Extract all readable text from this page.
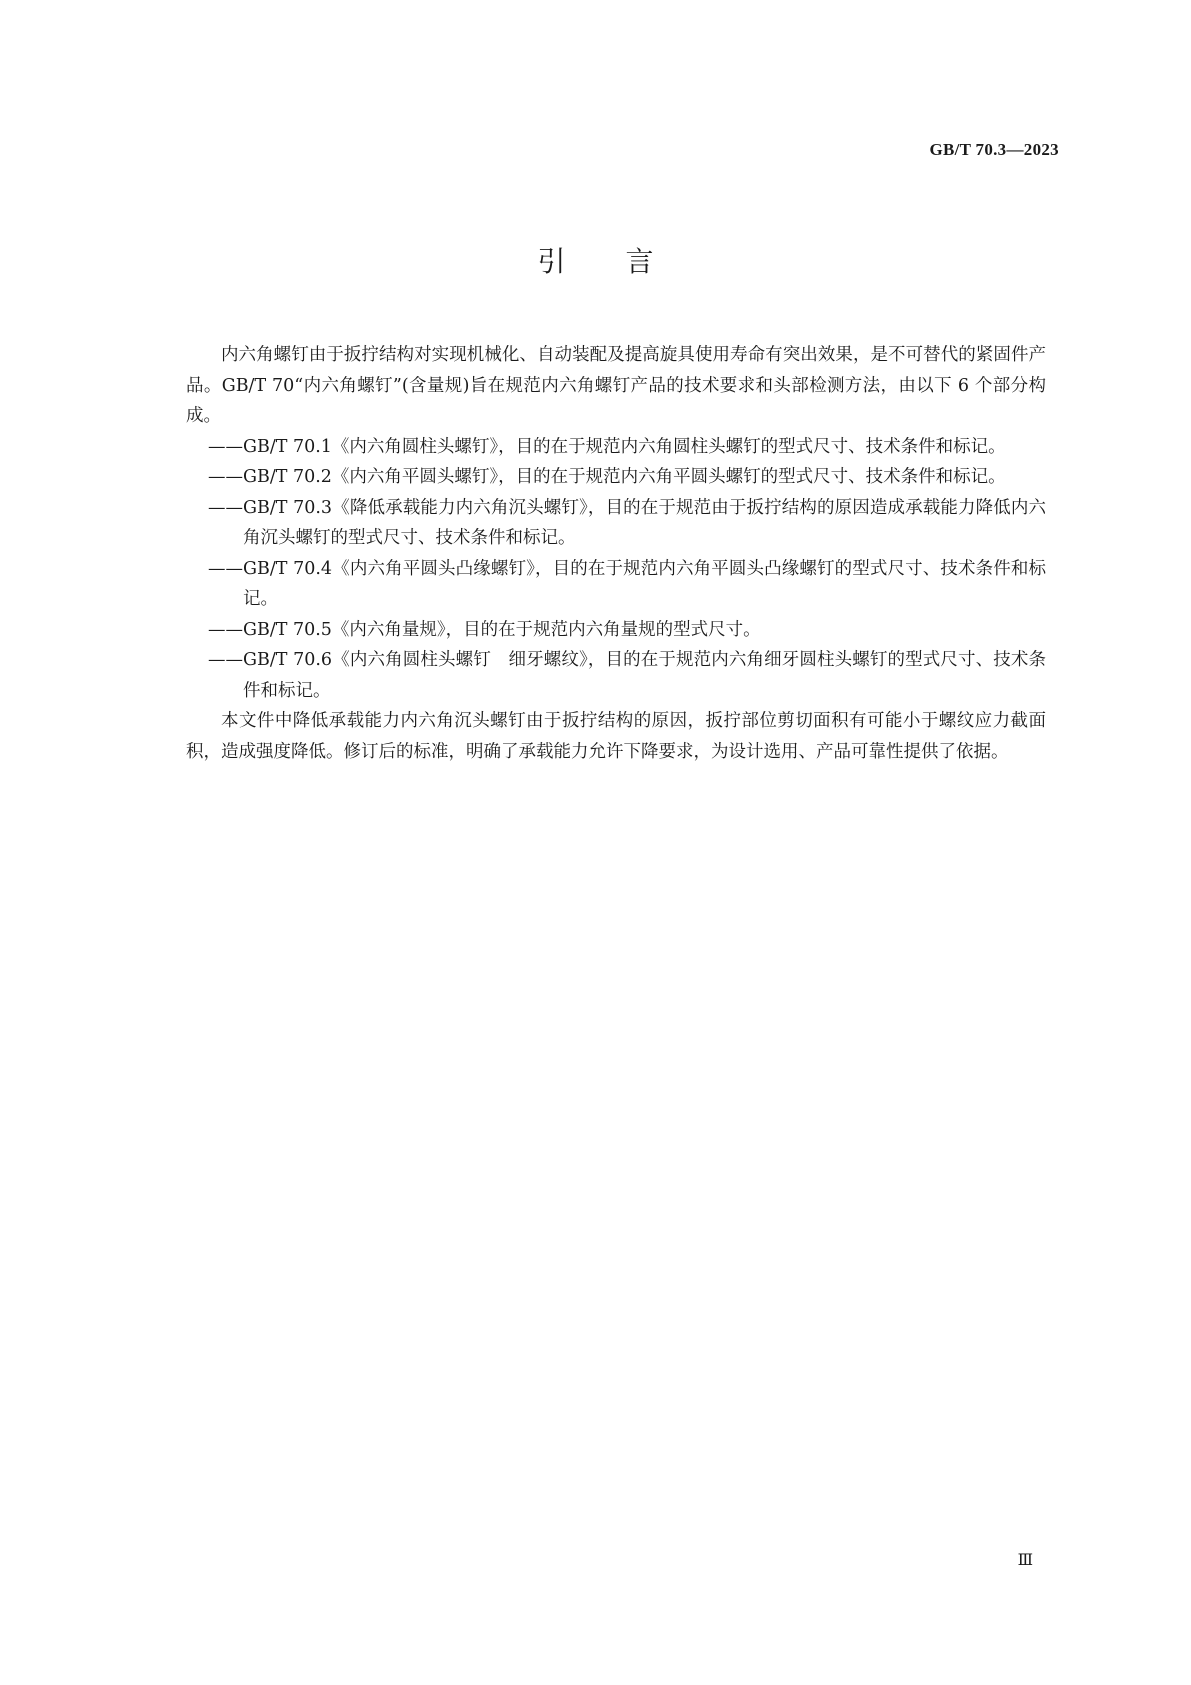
GB/T 70.3—2023
引言

内六角螺钉由于扳拧结构对实现机械化、自动装配及提高旋具使用寿命有突出效果，是不可替代的紧固件产品。GB/T 70“内六角螺钉”(含量规)旨在规范内六角螺钉产品的技术要求和头部检测方法，由以下 6 个部分构成。

——GB/T 70.1《内六角圆柱头螺钉》，目的在于规范内六角圆柱头螺钉的型式尺寸、技术条件和标记。

——GB/T 70.2《内六角平圆头螺钉》，目的在于规范内六角平圆头螺钉的型式尺寸、技术条件和标记。

——GB/T 70.3《降低承载能力内六角沉头螺钉》，目的在于规范由于扳拧结构的原因造成承载能力降低内六角沉头螺钉的型式尺寸、技术条件和标记。

——GB/T 70.4《内六角平圆头凸缘螺钉》，目的在于规范内六角平圆头凸缘螺钉的型式尺寸、技术条件和标记。

——GB/T 70.5《内六角量规》，目的在于规范内六角量规的型式尺寸。

——GB/T 70.6《内六角圆柱头螺钉　细牙螺纹》，目的在于规范内六角细牙圆柱头螺钉的型式尺寸、技术条件和标记。

本文件中降低承载能力内六角沉头螺钉由于扳拧结构的原因，扳拧部位剪切面积有可能小于螺纹应力截面积，造成强度降低。修订后的标准，明确了承载能力允许下降要求，为设计选用、产品可靠性提供了依据。

Ⅲ
